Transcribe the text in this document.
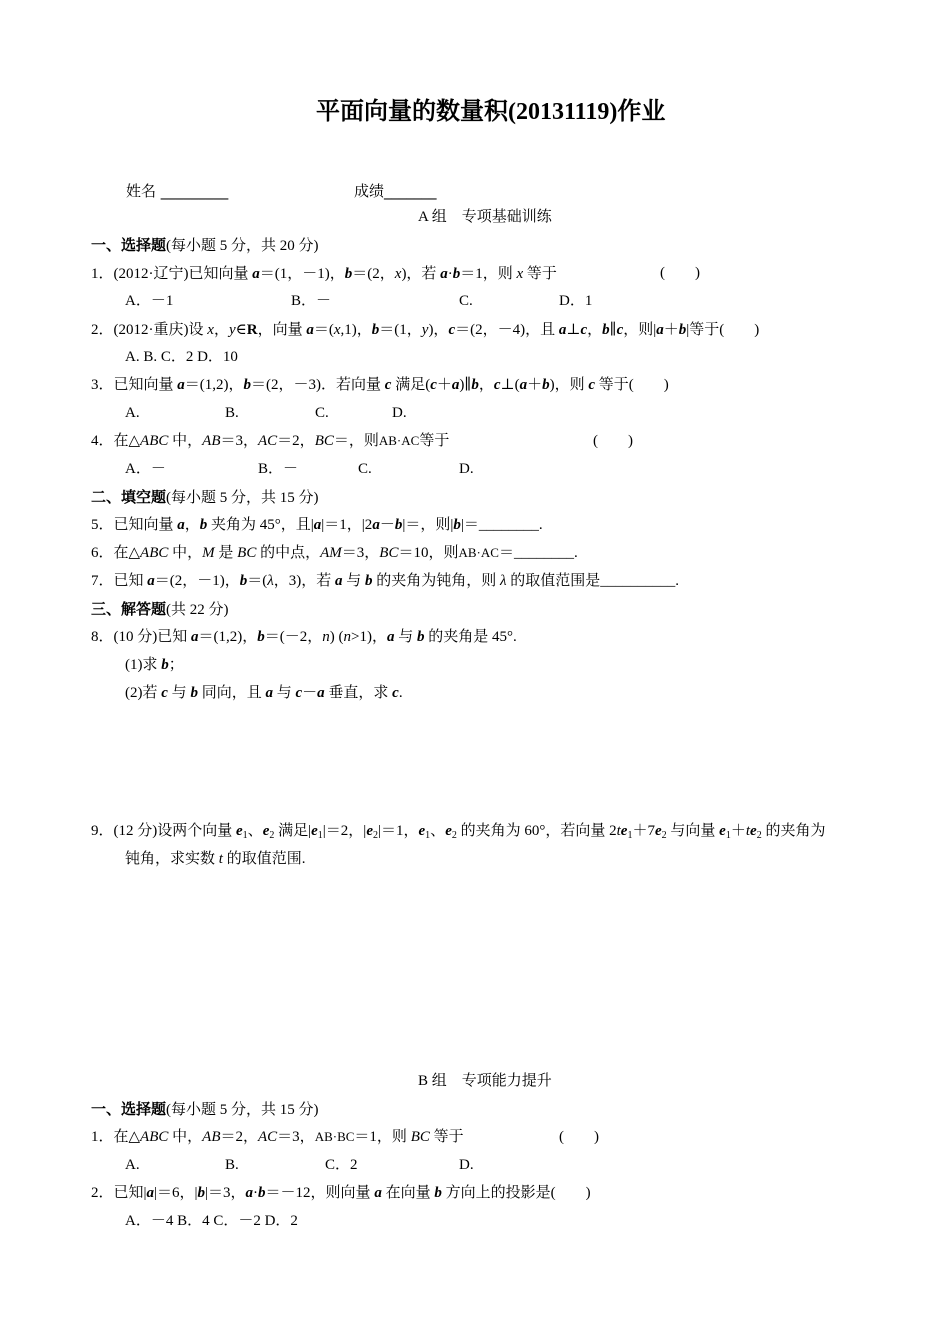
平面向量的数量积(20131119)作业
姓名 _________	成绩_______
A 组　专项基础训练
一、选择题(每小题 5 分，共 20 分)
1．(2012·辽宁)已知向量 a＝(1，－1)，b＝(2，x)，若 a·b＝1，则 x 等于	(　　)
A．－1	B．－	C.	D．1
2．(2012·重庆)设 x，y∈R，向量 a＝(x,1)，b＝(1，y)，c＝(2，－4)，且 a⊥c，b∥c，则|a＋b|等于(　　)
A. B. C．2 D．10
3．已知向量 a＝(1,2)，b＝(2，－3)．若向量 c 满足(c＋a)∥b，c⊥(a＋b)，则 c 等于(　　)
A.	B.	C.	D.
4．在△ABC 中，AB＝3，AC＝2，BC＝，则AB·AC等于	(　　)
A．－	B．－	C.	D.
二、填空题(每小题 5 分，共 15 分)
5．已知向量 a，b 夹角为 45°，且|a|＝1，|2a－b|＝，则|b|＝________.
6．在△ABC 中，M 是 BC 的中点，AM＝3，BC＝10，则AB·AC＝________.
7．已知 a＝(2，－1)，b＝(λ，3)，若 a 与 b 的夹角为钝角，则 λ 的取值范围是__________.
三、解答题(共 22 分)
8．(10 分)已知 a＝(1,2)，b＝(－2，n) (n>1)，a 与 b 的夹角是 45°.
(1)求 b；
(2)若 c 与 b 同向，且 a 与 c－a 垂直，求 c.
9．(12 分)设两个向量 $e_1$、$e_2$ 满足$|e_1|=2$，$|e_2|=1$，$e_1$、$e_2$ 的夹角为 60°，若向量 $2te_1+7e_2$ 与向量 $e_1+te_2$ 的夹角为
钝角，求实数 t 的取值范围.
B 组　专项能力提升
一、选择题(每小题 5 分，共 15 分)
1．在△ABC 中，AB＝2，AC＝3，AB·BC＝1，则 BC 等于	(　　)
A.	B.	C．2	D.
2．已知|a|＝6，|b|＝3，a·b＝－12，则向量 a 在向量 b 方向上的投影是(　　)
A．－4 B．4 C．－2 D．2
